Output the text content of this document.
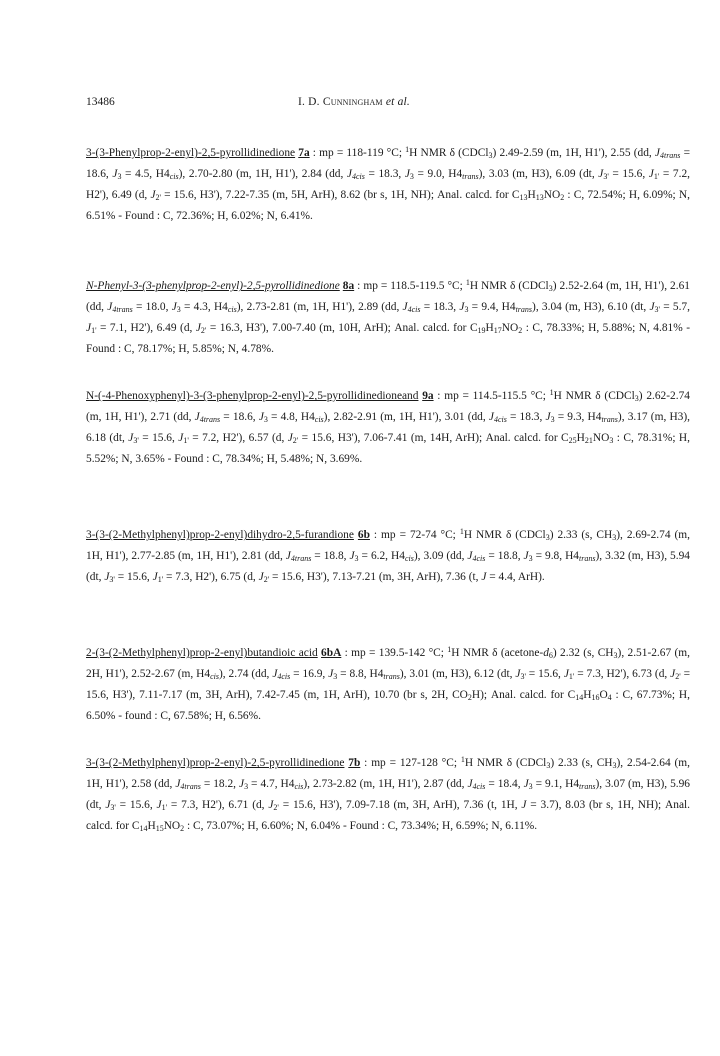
13486	I. D. Cunningham et al.

3-(3-Phenylprop-2-enyl)-2,5-pyrollidinedione 7a : mp = 118-119 °C; $^1$H NMR δ (CDCl$_3$) 2.49-2.59 (m, 1H, H1'), 2.55 (dd, $J_{4trans} = 18.6$, $J_3 = 4.5$, $H4_{cis}$), 2.70-2.80 (m, 1H, H1'), 2.84 (dd, $J_{4cis} = 18.3$, $J_3 = 9.0$, $H4_{trans}$), 3.03 (m, H3), 6.09 (dt, $J_{3'} = 15.6$, $J_{1'} = 7.2$, H2'), 6.49 (d, $J_{2'} = 15.6$, H3'), 7.22-7.35 (m, 5H, ArH), 8.62 (br s, 1H, NH); Anal. calcd. for $C_{13}H_{13}NO_2$ : C, 72.54%; H, 6.09%; N, 6.51% - Found : C, 72.36%; H, 6.02%; N, 6.41%.

N-Phenyl-3-(3-phenylprop-2-enyl)-2,5-pyrollidinedione 8a : mp = 118.5-119.5 °C; $^1$H NMR δ (CDCl$_3$) 2.52-2.64 (m, 1H, H1'), 2.61 (dd, $J_{4trans} = 18.0$, $J_3 = 4.3$, $H4_{cis}$), 2.73-2.81 (m, 1H, H1'), 2.89 (dd, $J_{4cis} = 18.3$, $J_3 = 9.4$, $H4_{trans}$), 3.04 (m, H3), 6.10 (dt, $J_{3'} = 5.7$, $J_{1'} = 7.1$, H2'), 6.49 (d, $J_{2'} = 16.3$, H3'), 7.00-7.40 (m, 10H, ArH); Anal. calcd. for $C_{19}H_{17}NO_2$ : C, 78.33%; H, 5.88%; N, 4.81% - Found : C, 78.17%; H, 5.85%; N, 4.78%.

N-(-4-Phenoxyphenyl)-3-(3-phenylprop-2-enyl)-2,5-pyrollidinedioneand 9a : mp = 114.5-115.5 °C; $^1$H NMR δ (CDCl$_3$) 2.62-2.74 (m, 1H, H1'), 2.71 (dd, $J_{4trans} = 18.6$, $J_3 = 4.8$, $H4_{cis}$), 2.82-2.91 (m, 1H, H1'), 3.01 (dd, $J_{4cis} = 18.3$, $J_3 = 9.3$, $H4_{trans}$), 3.17 (m, H3), 6.18 (dt, $J_{3'} = 15.6$, $J_{1'} = 7.2$, H2'), 6.57 (d, $J_{2'} = 15.6$, H3'), 7.06-7.41 (m, 14H, ArH); Anal. calcd. for $C_{25}H_{21}NO_3$ : C, 78.31%; H, 5.52%; N, 3.65% - Found : C, 78.34%; H, 5.48%; N, 3.69%.

3-(3-(2-Methylphenyl)prop-2-enyl)dihydro-2,5-furandione 6b : mp = 72-74 °C; $^1$H NMR δ (CDCl$_3$) 2.33 (s, $CH_3$), 2.69-2.74 (m, 1H, H1'), 2.77-2.85 (m, 1H, H1'), 2.81 (dd, $J_{4trans} = 18.8$, $J_3 = 6.2$, $H4_{cis}$), 3.09 (dd, $J_{4cis} = 18.8$, $J_3 = 9.8$, $H4_{trans}$), 3.32 (m, H3), 5.94 (dt, $J_{3'} = 15.6$, $J_{1'} = 7.3$, H2'), 6.75 (d, $J_{2'} = 15.6$, H3'), 7.13-7.21 (m, 3H, ArH), 7.36 (t, J = 4.4, ArH).

2-(3-(2-Methylphenyl)prop-2-enyl)butandioic acid 6bA : mp = 139.5-142 °C; $^1$H NMR δ $(acetone-d_6)$ 2.32 (s, $CH_3$), 2.51-2.67 (m, 2H, H1'), 2.52-2.67 (m, $H4_{cis}$), 2.74 (dd, $J_{4cis} = 16.9$, $J_3 = 8.8$, $H4_{trans}$), 3.01 (m, H3), 6.12 (dt, $J_{3'} = 15.6$, $J_{1'} = 7.3$, H2'), 6.73 (d, $J_{2'} = 15.6$, H3'), 7.11-7.17 (m, 3H, ArH), 7.42-7.45 (m, 1H, ArH), 10.70 (br s, 2H, $CO_2H$); Anal. calcd. for $C_{14}H_{16}O_4$ : C, 67.73%; H, 6.50% - found : C, 67.58%; H, 6.56%.

3-(3-(2-Methylphenyl)prop-2-enyl)-2,5-pyrollidinedione 7b : mp = 127-128 °C; $^1$H NMR δ (CDCl$_3$) 2.33 (s, $CH_3$), 2.54-2.64 (m, 1H, H1'), 2.58 (dd, $J_{4trans} = 18.2$, $J_3 = 4.7$, $H4_{cis}$), 2.73-2.82 (m, 1H, H1'), 2.87 (dd, $J_{4cis} = 18.4$, $J_3 = 9.1$, $H4_{trans}$), 3.07 (m, H3), 5.96 (dt, $J_{3'} = 15.6$, $J_{1'} = 7.3$, H2'), 6.71 (d, $J_{2'} = 15.6$, H3'), 7.09-7.18 (m, 3H, ArH), 7.36 (t, 1H, J = 3.7), 8.03 (br s, 1H, NH); Anal. calcd. for $C_{14}H_{15}NO_2$ : C, 73.07%; H, 6.60%; N, 6.04% - Found : C, 73.34%; H, 6.59%; N, 6.11%.
